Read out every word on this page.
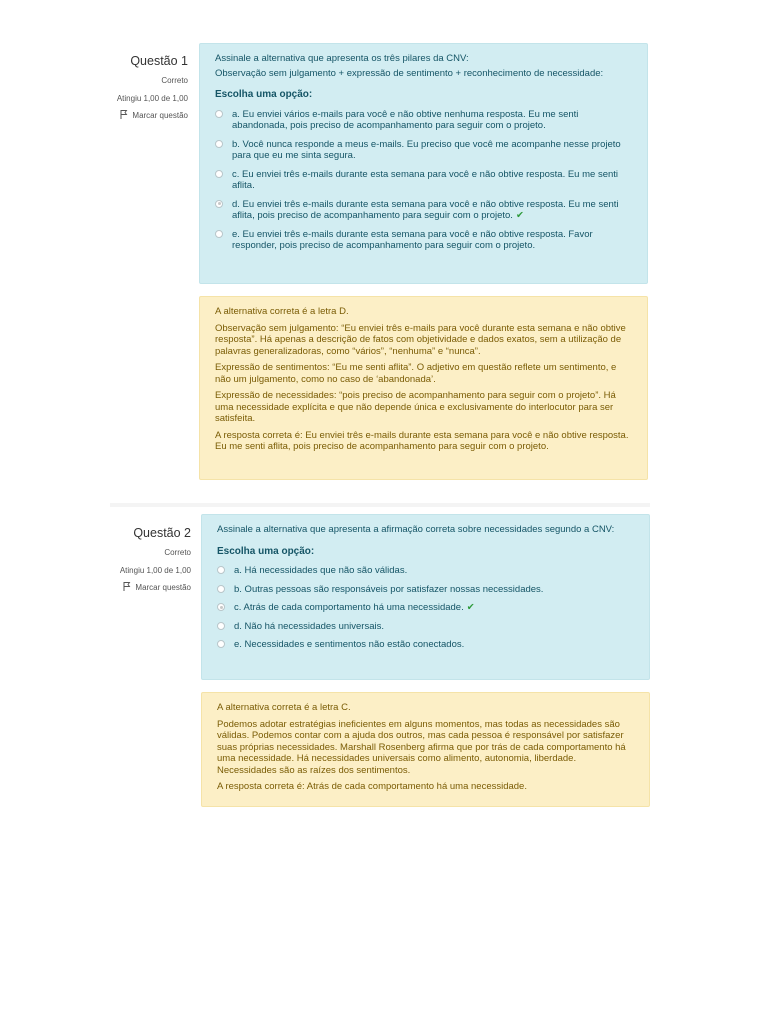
Questão 1
Correto
Atingiu 1,00 de 1,00
Marcar questão

Assinale a alternativa que apresenta os três pilares da CNV:

Observação sem julgamento + expressão de sentimento + reconhecimento de necessidade:

Escolha uma opção:
a. Eu enviei vários e-mails para você e não obtive nenhuma resposta. Eu me senti abandonada, pois preciso de acompanhamento para seguir com o projeto.
b. Você nunca responde a meus e-mails. Eu preciso que você me acompanhe nesse projeto para que eu me sinta segura.
c. Eu enviei três e-mails durante esta semana para você e não obtive resposta. Eu me senti aflita.
d. Eu enviei três e-mails durante esta semana para você e não obtive resposta. Eu me senti aflita, pois preciso de acompanhamento para seguir com o projeto. ✔
e. Eu enviei três e-mails durante esta semana para você e não obtive resposta. Favor responder, pois preciso de acompanhamento para seguir com o projeto.

A alternativa correta é a letra D.

Observação sem julgamento: “Eu enviei três e-mails para você durante esta semana e não obtive resposta”. Há apenas a descrição de fatos com objetividade e dados exatos, sem a utilização de palavras generalizadoras, como “vários”, “nenhuma” e “nunca”.

Expressão de sentimentos: “Eu me senti aflita”. O adjetivo em questão reflete um sentimento, e não um julgamento, como no caso de ‘abandonada’.

Expressão de necessidades: “pois preciso de acompanhamento para seguir com o projeto”. Há uma necessidade explícita e que não depende única e exclusivamente do interlocutor para ser satisfeita.

A resposta correta é: Eu enviei três e-mails durante esta semana para você e não obtive resposta. Eu me senti aflita, pois preciso de acompanhamento para seguir com o projeto.

Questão 2
Correto
Atingiu 1,00 de 1,00
Marcar questão

Assinale a alternativa que apresenta a afirmação correta sobre necessidades segundo a CNV:

Escolha uma opção:
a. Há necessidades que não são válidas.
b. Outras pessoas são responsáveis por satisfazer nossas necessidades.
c. Atrás de cada comportamento há uma necessidade. ✔
d. Não há necessidades universais.
e. Necessidades e sentimentos não estão conectados.

A alternativa correta é a letra C.

Podemos adotar estratégias ineficientes em alguns momentos, mas todas as necessidades são válidas. Podemos contar com a ajuda dos outros, mas cada pessoa é responsável por satisfazer suas próprias necessidades. Marshall Rosenberg afirma que por trás de cada comportamento há uma necessidade. Há necessidades universais como alimento, autonomia, liberdade. Necessidades são as raízes dos sentimentos.

A resposta correta é: Atrás de cada comportamento há uma necessidade.
